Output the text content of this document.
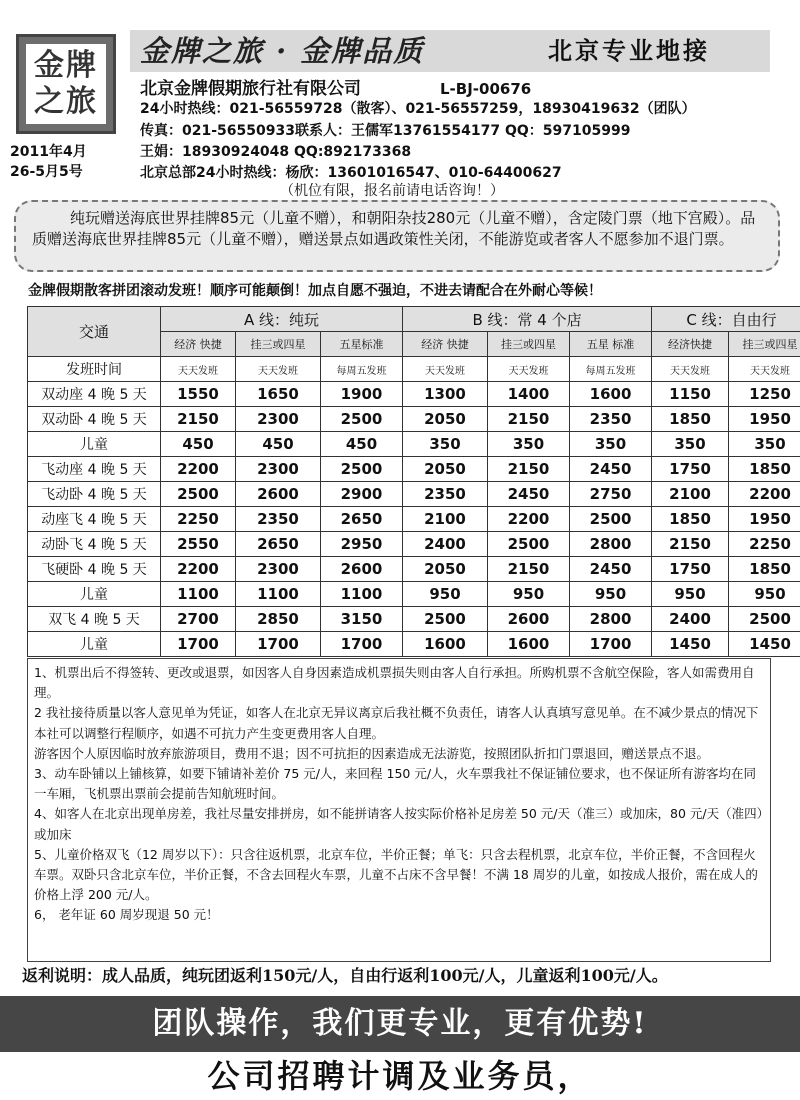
金牌
之旅
金牌之旅 · 金牌品质	北京专业地接
北京金牌假期旅行社有限公司	L-BJ-00676
24小时热线：021-56559728（散客）、021-56557259，18930419632（团队）
传真：021-56550933联系人：王儒军13761554177 QQ：597105999
王娟：18930924048 QQ:892173368
北京总部24小时热线：杨欣：13601016547、010-64400627
2011年4月
26-5月5号
（机位有限，报名前请电话咨询！）

纯玩赠送海底世界挂牌85元（儿童不赠），和朝阳杂技280元（儿童不赠），含定陵门票（地下宫殿）。品质赠送海底世界挂牌85元（儿童不赠），赠送景点如遇政策性关闭，不能游览或者客人不愿参加不退门票。

金牌假期散客拼团滚动发班！顺序可能颠倒！加点自愿不强迫，不进去请配合在外耐心等候！
交通	A 线：纯玩			B 线：常 4 个店			C 线：自由行	
	经济 快捷	挂三或四星	五星标准	经济 快捷	挂三或四星	五星 标准	经济快捷	挂三或四星
发班时间	天天发班	天天发班	每周五发班	天天发班	天天发班	每周五发班	天天发班	天天发班
双动座 4 晚 5 天	1550	1650	1900	1300	1400	1600	1150	1250
双动卧 4 晚 5 天	2150	2300	2500	2050	2150	2350	1850	1950
儿童	450	450	450	350	350	350	350	350
飞动座 4 晚 5 天	2200	2300	2500	2050	2150	2450	1750	1850
飞动卧 4 晚 5 天	2500	2600	2900	2350	2450	2750	2100	2200
动座飞 4 晚 5 天	2250	2350	2650	2100	2200	2500	1850	1950
动卧飞 4 晚 5 天	2550	2650	2950	2400	2500	2800	2150	2250
飞硬卧 4 晚 5 天	2200	2300	2600	2050	2150	2450	1750	1850
儿童	1100	1100	1100	950	950	950	950	950
双飞 4 晚 5 天	2700	2850	3150	2500	2600	2800	2400	2500
儿童	1700	1700	1700	1600	1600	1700	1450	1450

1、机票出后不得签转、更改或退票，如因客人自身因素造成机票损失则由客人自行承担。所购机票不含航空保险，客人如需费用自理。

2 我社接待质量以客人意见单为凭证，如客人在北京无异议离京后我社概不负责任，请客人认真填写意见单。在不减少景点的情况下本社可以调整行程顺序，如遇不可抗力产生变更费用客人自理。

游客因个人原因临时放弃旅游项目，费用不退；因不可抗拒的因素造成无法游览，按照团队折扣门票退回，赠送景点不退。

3、动车卧铺以上铺核算，如要下铺请补差价 75 元/人，来回程 150 元/人，火车票我社不保证铺位要求，也不保证所有游客均在同一车厢，飞机票出票前会提前告知航班时间。

4、如客人在北京出现单房差，我社尽量安排拼房，如不能拼请客人按实际价格补足房差 50 元/天（准三）或加床，80 元/天（准四）或加床

5、儿童价格双飞（12 周岁以下）：只含往返机票，北京车位，半价正餐；单飞：只含去程机票，北京车位，半价正餐，不含回程火车票。双卧只含北京车位，半价正餐，不含去回程火车票，儿童不占床不含早餐！不满 18 周岁的儿童，如按成人报价，需在成人的价格上浮 200 元/人。

6， 老年证 60 周岁现退 50 元！

返利说明：成人品质，纯玩团返利150元/人，自由行返利100元/人，儿童返利100元/人。
团队操作，我们更专业，更有优势!
公司招聘计调及业务员，
